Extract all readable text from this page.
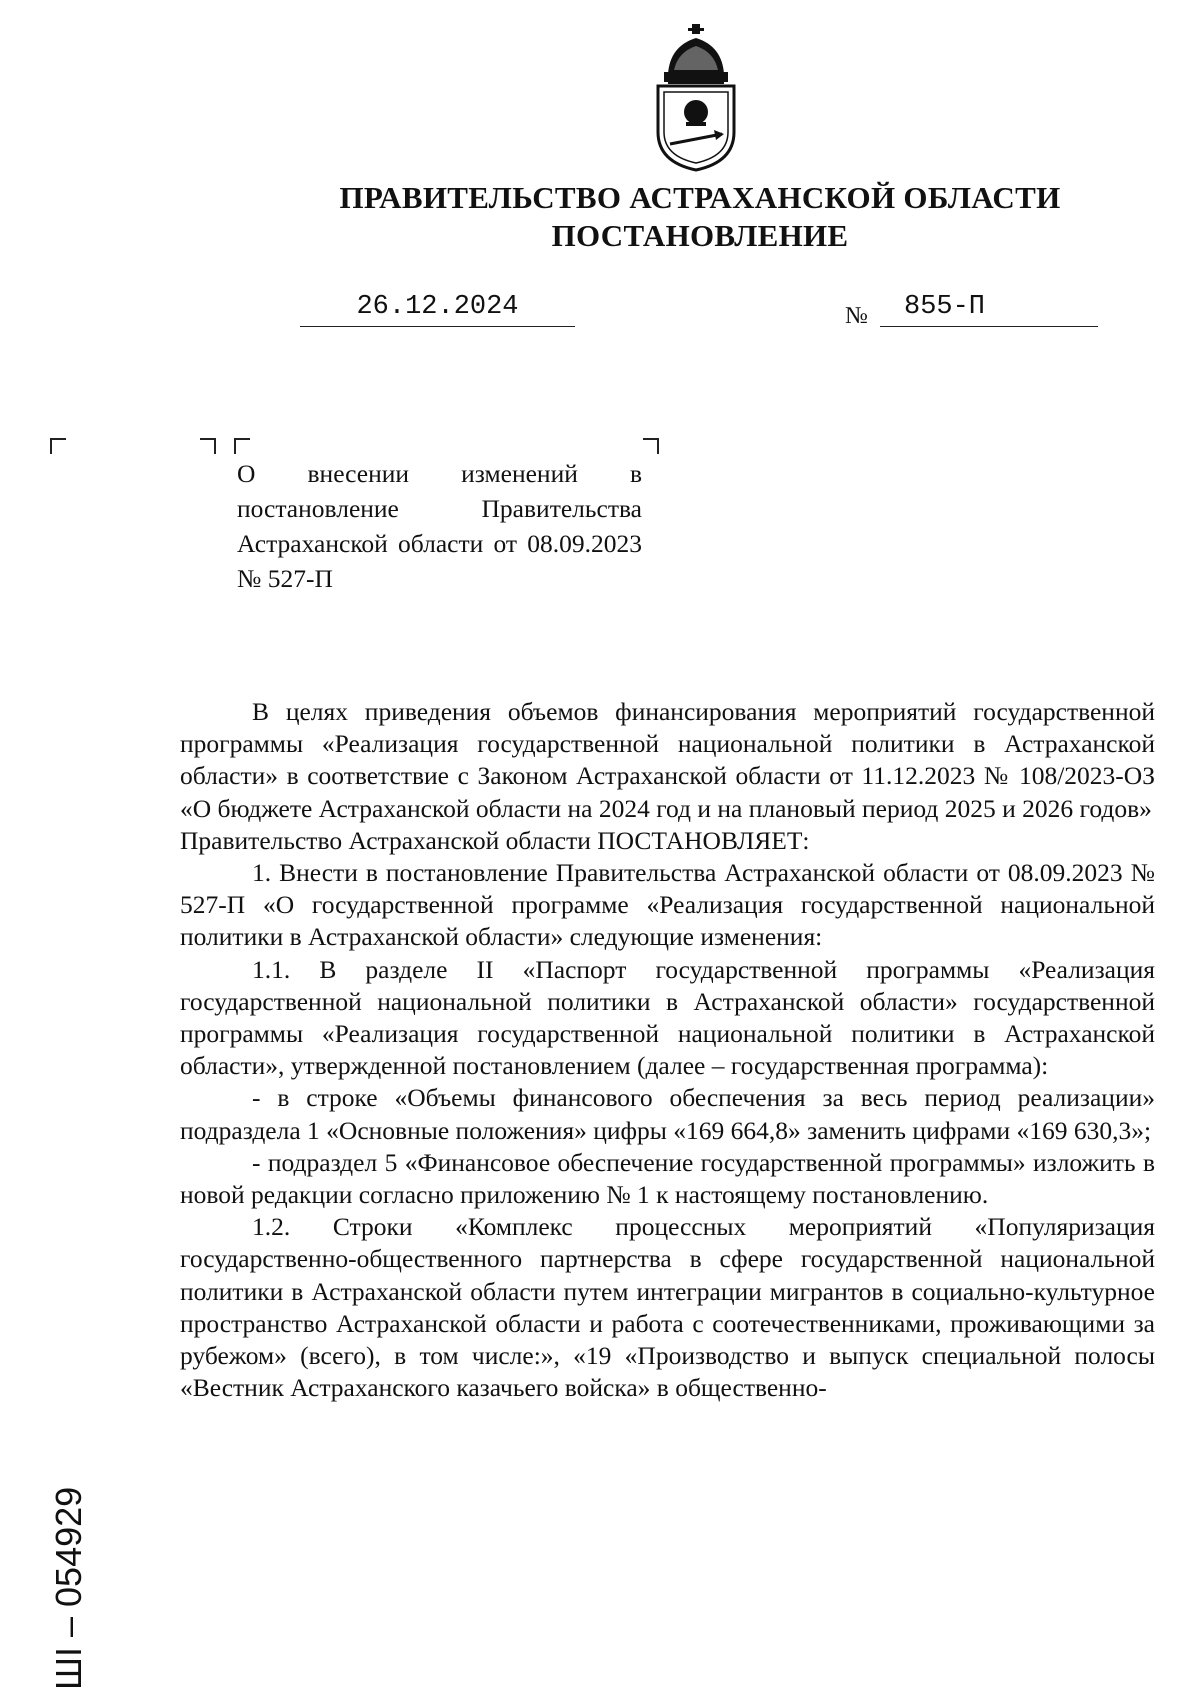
ПРАВИТЕЛЬСТВО АСТРАХАНСКОЙ ОБЛАСТИ
ПОСТАНОВЛЕНИЕ
26.12.2024	№ 855-П
О внесении изменений в постановление Правительства Астраханской области от 08.09.2023 № 527-П

В целях приведения объемов финансирования мероприятий государственной программы «Реализация государственной национальной политики в Астраханской области» в соответствие с Законом Астраханской области от 11.12.2023 № 108/2023-ОЗ «О бюджете Астраханской области на 2024 год и на плановый период 2025 и 2026 годов»

Правительство Астраханской области ПОСТАНОВЛЯЕТ:

1. Внести в постановление Правительства Астраханской области от 08.09.2023 № 527-П «О государственной программе «Реализация государственной национальной политики в Астраханской области» следующие изменения:

1.1. В разделе II «Паспорт государственной программы «Реализация государственной национальной политики в Астраханской области» государственной программы «Реализация государственной национальной политики в Астраханской области», утвержденной постановлением (далее – государственная программа):

- в строке «Объемы финансового обеспечения за весь период реализации» подраздела 1 «Основные положения» цифры «169 664,8» заменить цифрами «169 630,3»;

- подраздел 5 «Финансовое обеспечение государственной программы» изложить в новой редакции согласно приложению № 1 к настоящему постановлению.

1.2. Строки «Комплекс процессных мероприятий «Популяризация государственно-общественного партнерства в сфере государственной национальной политики в Астраханской области путем интеграции мигрантов в социально-культурное пространство Астраханской области и работа с соотечественниками, проживающими за рубежом» (всего), в том числе:», «19 «Производство и выпуск специальной полосы «Вестник Астраханского казачьего войска» в общественно-

ШI – 054929
